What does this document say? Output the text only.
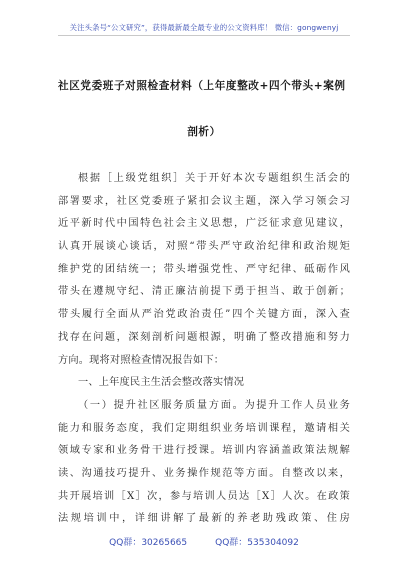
关注头条号“公文研究”，获得最新最全最专业的公文资料库！ 微信：gongwenyj
社区党委班子对照检查材料（上年度整改+四个带头+案例
剖析）
根据［上级党组织］关于开好本次专题组织生活会的
部署要求，社区党委班子紧扣会议主题，深入学习领会习
近平新时代中国特色社会主义思想，广泛征求意见建议，
认真开展谈心谈话，对照“带头严守政治纪律和政治规矩
维护党的团结统一；带头增强党性、严守纪律、砥砺作风
带头在遵规守纪、清正廉洁前提下勇于担当、敢于创新；
带头履行全面从严治党政治责任”四个关键方面，深入查
找存在问题，深刻剖析问题根源，明确了整改措施和努力
方向。现将对照检查情况报告如下：
一、上年度民主生活会整改落实情况
（一）提升社区服务质量方面。为提升工作人员业务
能力和服务态度，我们定期组织业务培训课程，邀请相关
领域专家和业务骨干进行授课。培训内容涵盖政策法规解
读、沟通技巧提升、业务操作规范等方面。自整改以来，
共开展培训［X］次，参与培训人员达［X］人次。在政策
法规培训中，详细讲解了最新的养老助残政策、住房
QQ群：30265665	QQ群：535304092
